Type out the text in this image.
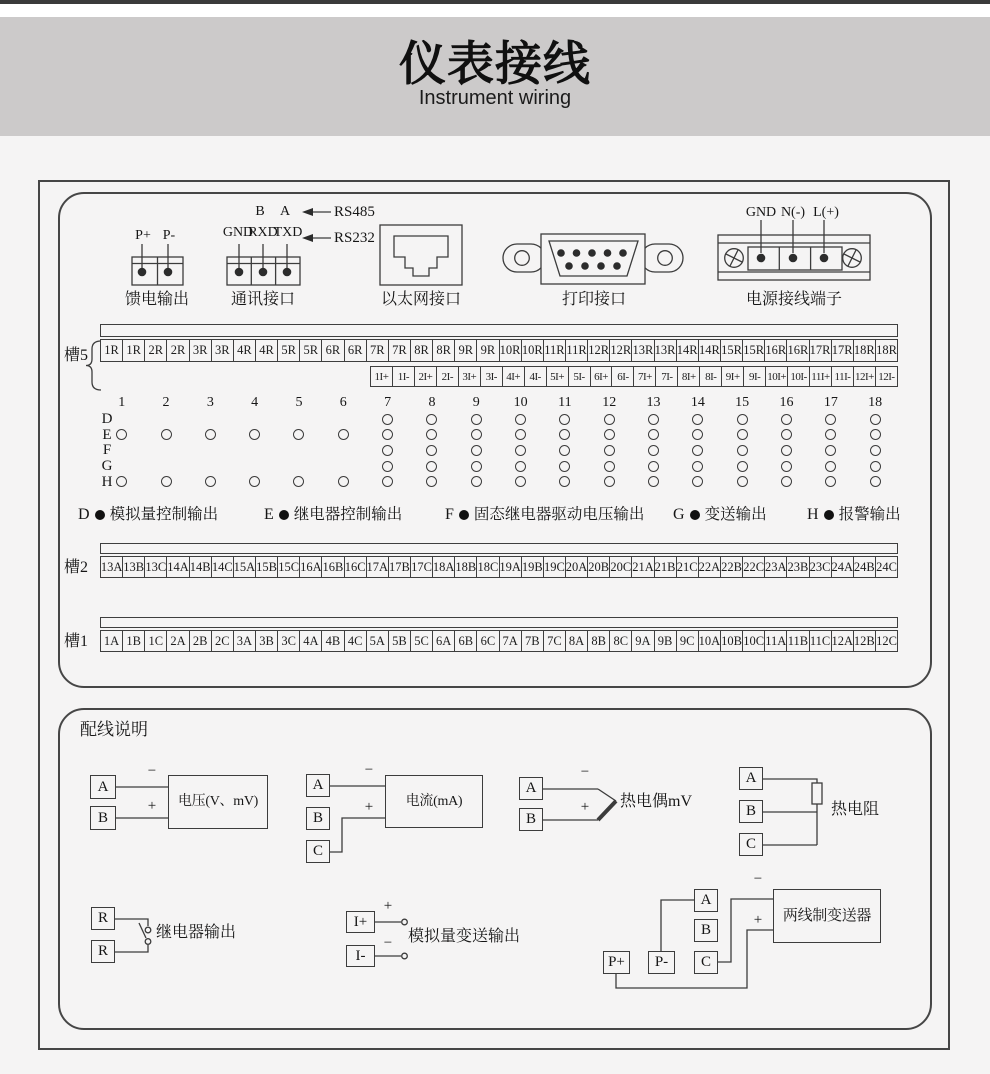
仪表接线
Instrument wiring
P+ P-
馈电输出
B A	RS485
RS232
GND
RXD
TXD
通讯接口	以太网接口	打印接口
GND N(-) L(+)
电源接线端子
槽5	1R 1R 2R 2R 3R 3R 4R 4R 5R 5R 6R 6R 7R 7R 8R 8R 9R 9R 10R 10R 11R 11R 12R 12R 13R 13R 14R 14R 15R 15R 16R 16R 17R 17R 18R 18R
1I+ 1I- 2I+ 2I- 3I+ 3I- 4I+ 4I- 5I+ 5I- 6I+ 6I- 7I+ 7I- 8I+ 8I- 9I+ 9I- 10I+ 10I- 11I+ 11I- 12I+ 12I-
1	2	3	4	5	6	7	8	9 10 11 12 13 14 15 16 17 18
D
E
F
G
H
D 模拟量控制输出	E 继电器控制输出	F 固态继电器驱动电压输出 G 变送输出	H 报警输出
槽2 13A 13B 13C 14A 14B 14C 15A 15B 15C 16A 16B 16C 17A 17B 17C 18A 18B 18C 19A 19B 19C 20A 20B 20C 21A 21B 21C 22A 22B 22C 23A 23B 23C 24A 24B 24C
槽1	1A 1B 1C 2A 2B 2C 3A 3B 3C 4A 4B 4C 5A 5B 5C 6A 6B 6C 7A 7B 7C 8A 8B 8C 9A 9B 9C 10A 10B 10C 11A 11B 11C 12A 12B 12C
配线说明
A
B
−
+	电压(V、mV)
A
B
C
−
+	电流(mA)
A
B
−
+ 热电偶mV
A
B
C
热电阻
R
R
继电器输出
I+
I-
+
− 模拟量变送输出
A
B
C
P+	P-
−
+	两线制变送器
